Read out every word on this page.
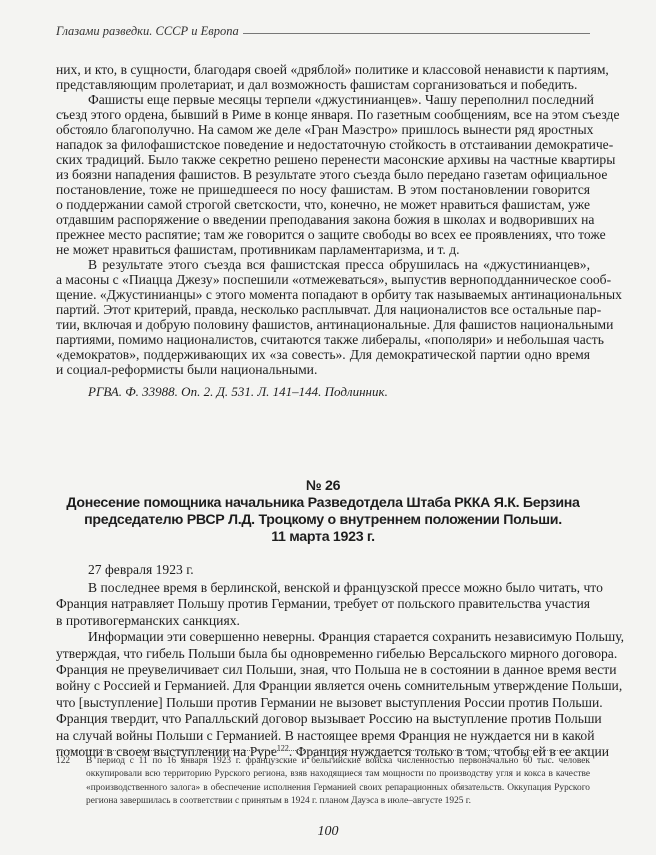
Глазами разведки. СССР и Европа
них, и кто, в сущности, благодаря своей «дряблой» политике и классовой ненависти к партиям,
представляющим пролетариат, и дал возможность фашистам сорганизоваться и победить.
Фашисты еще первые месяцы терпели «джустинианцев». Чашу переполнил последний
съезд этого ордена, бывший в Риме в конце января. По газетным сообщениям, все на этом съезде
обстояло благополучно. На самом же деле «Гран Маэстро» пришлось вынести ряд яростных
нападок за филофашистское поведение и недостаточную стойкость в отстаивании демократиче-
ских традиций. Было также секретно решено перенести масонские архивы на частные квартиры
из боязни нападения фашистов. В результате этого съезда было передано газетам официальное
постановление, тоже не пришедшееся по носу фашистам. В этом постановлении говорится
о поддержании самой строгой светскости, что, конечно, не может нравиться фашистам, уже
отдавшим распоряжение о введении преподавания закона божия в школах и водворивших на
прежнее место распятие; там же говорится о защите свободы во всех ее проявлениях, что тоже
не может нравиться фашистам, противникам парламентаризма, и т. д.
В результате этого съезда вся фашистская пресса обрушилась на «джустинианцев»,
а масоны с «Пиацца Джезу» поспешили «отмежеваться», выпустив верноподданническое сооб-
щение. «Джустинианцы» с этого момента попадают в орбиту так называемых антинациональных
партий. Этот критерий, правда, несколько расплывчат. Для националистов все остальные пар-
тии, включая и добрую половину фашистов, антинациональные. Для фашистов национальными
партиями, помимо националистов, считаются также либералы, «пополяри» и небольшая часть
«демократов», поддерживающих их «за совесть». Для демократической партии одно время
и социал-реформисты были национальными.
РГВА. Ф. 33988. Оп. 2. Д. 531. Л. 141–144. Подлинник.
№ 26
Донесение помощника начальника Разведотдела Штаба РККА Я.К. Берзина
председателю РВСР Л.Д. Троцкому о внутреннем положении Польши.
11 марта 1923 г.
27 февраля 1923 г.
В последнее время в берлинской, венской и французской прессе можно было читать, что
Франция натравляет Польшу против Германии, требует от польского правительства участия
в противогерманских санкциях.
Информации эти совершенно неверны. Франция старается сохранить независимую Польшу,
утверждая, что гибель Польши была бы одновременно гибелью Версальского мирного договора.
Франция не преувеличивает сил Польши, зная, что Польша не в состоянии в данное время вести
войну с Россией и Германией. Для Франции является очень сомнительным утверждение Польши,
что [выступление] Польши против Германии не вызовет выступления России против Польши.
Франция твердит, что Рапалльский договор вызывает Россию на выступление против Польши
на случай войны Польши с Германией. В настоящее время Франция не нуждается ни в какой
помощи в своем выступлении на Руре$^{122}$. Франция нуждается только в том, чтобы ей в ее акции
122 В период с 11 по 16 января 1923 г. французские и бельгийские войска численностью первоначально 60 тыс. человек
оккупировали всю территорию Рурского региона, взяв находящиеся там мощности по производству угля и кокса в качестве
«производственного залога» в обеспечение исполнения Германией своих репарационных обязательств. Оккупация Рурского
региона завершилась в соответствии с принятым в 1924 г. планом Дауэса в июле–августе 1925 г.
100
